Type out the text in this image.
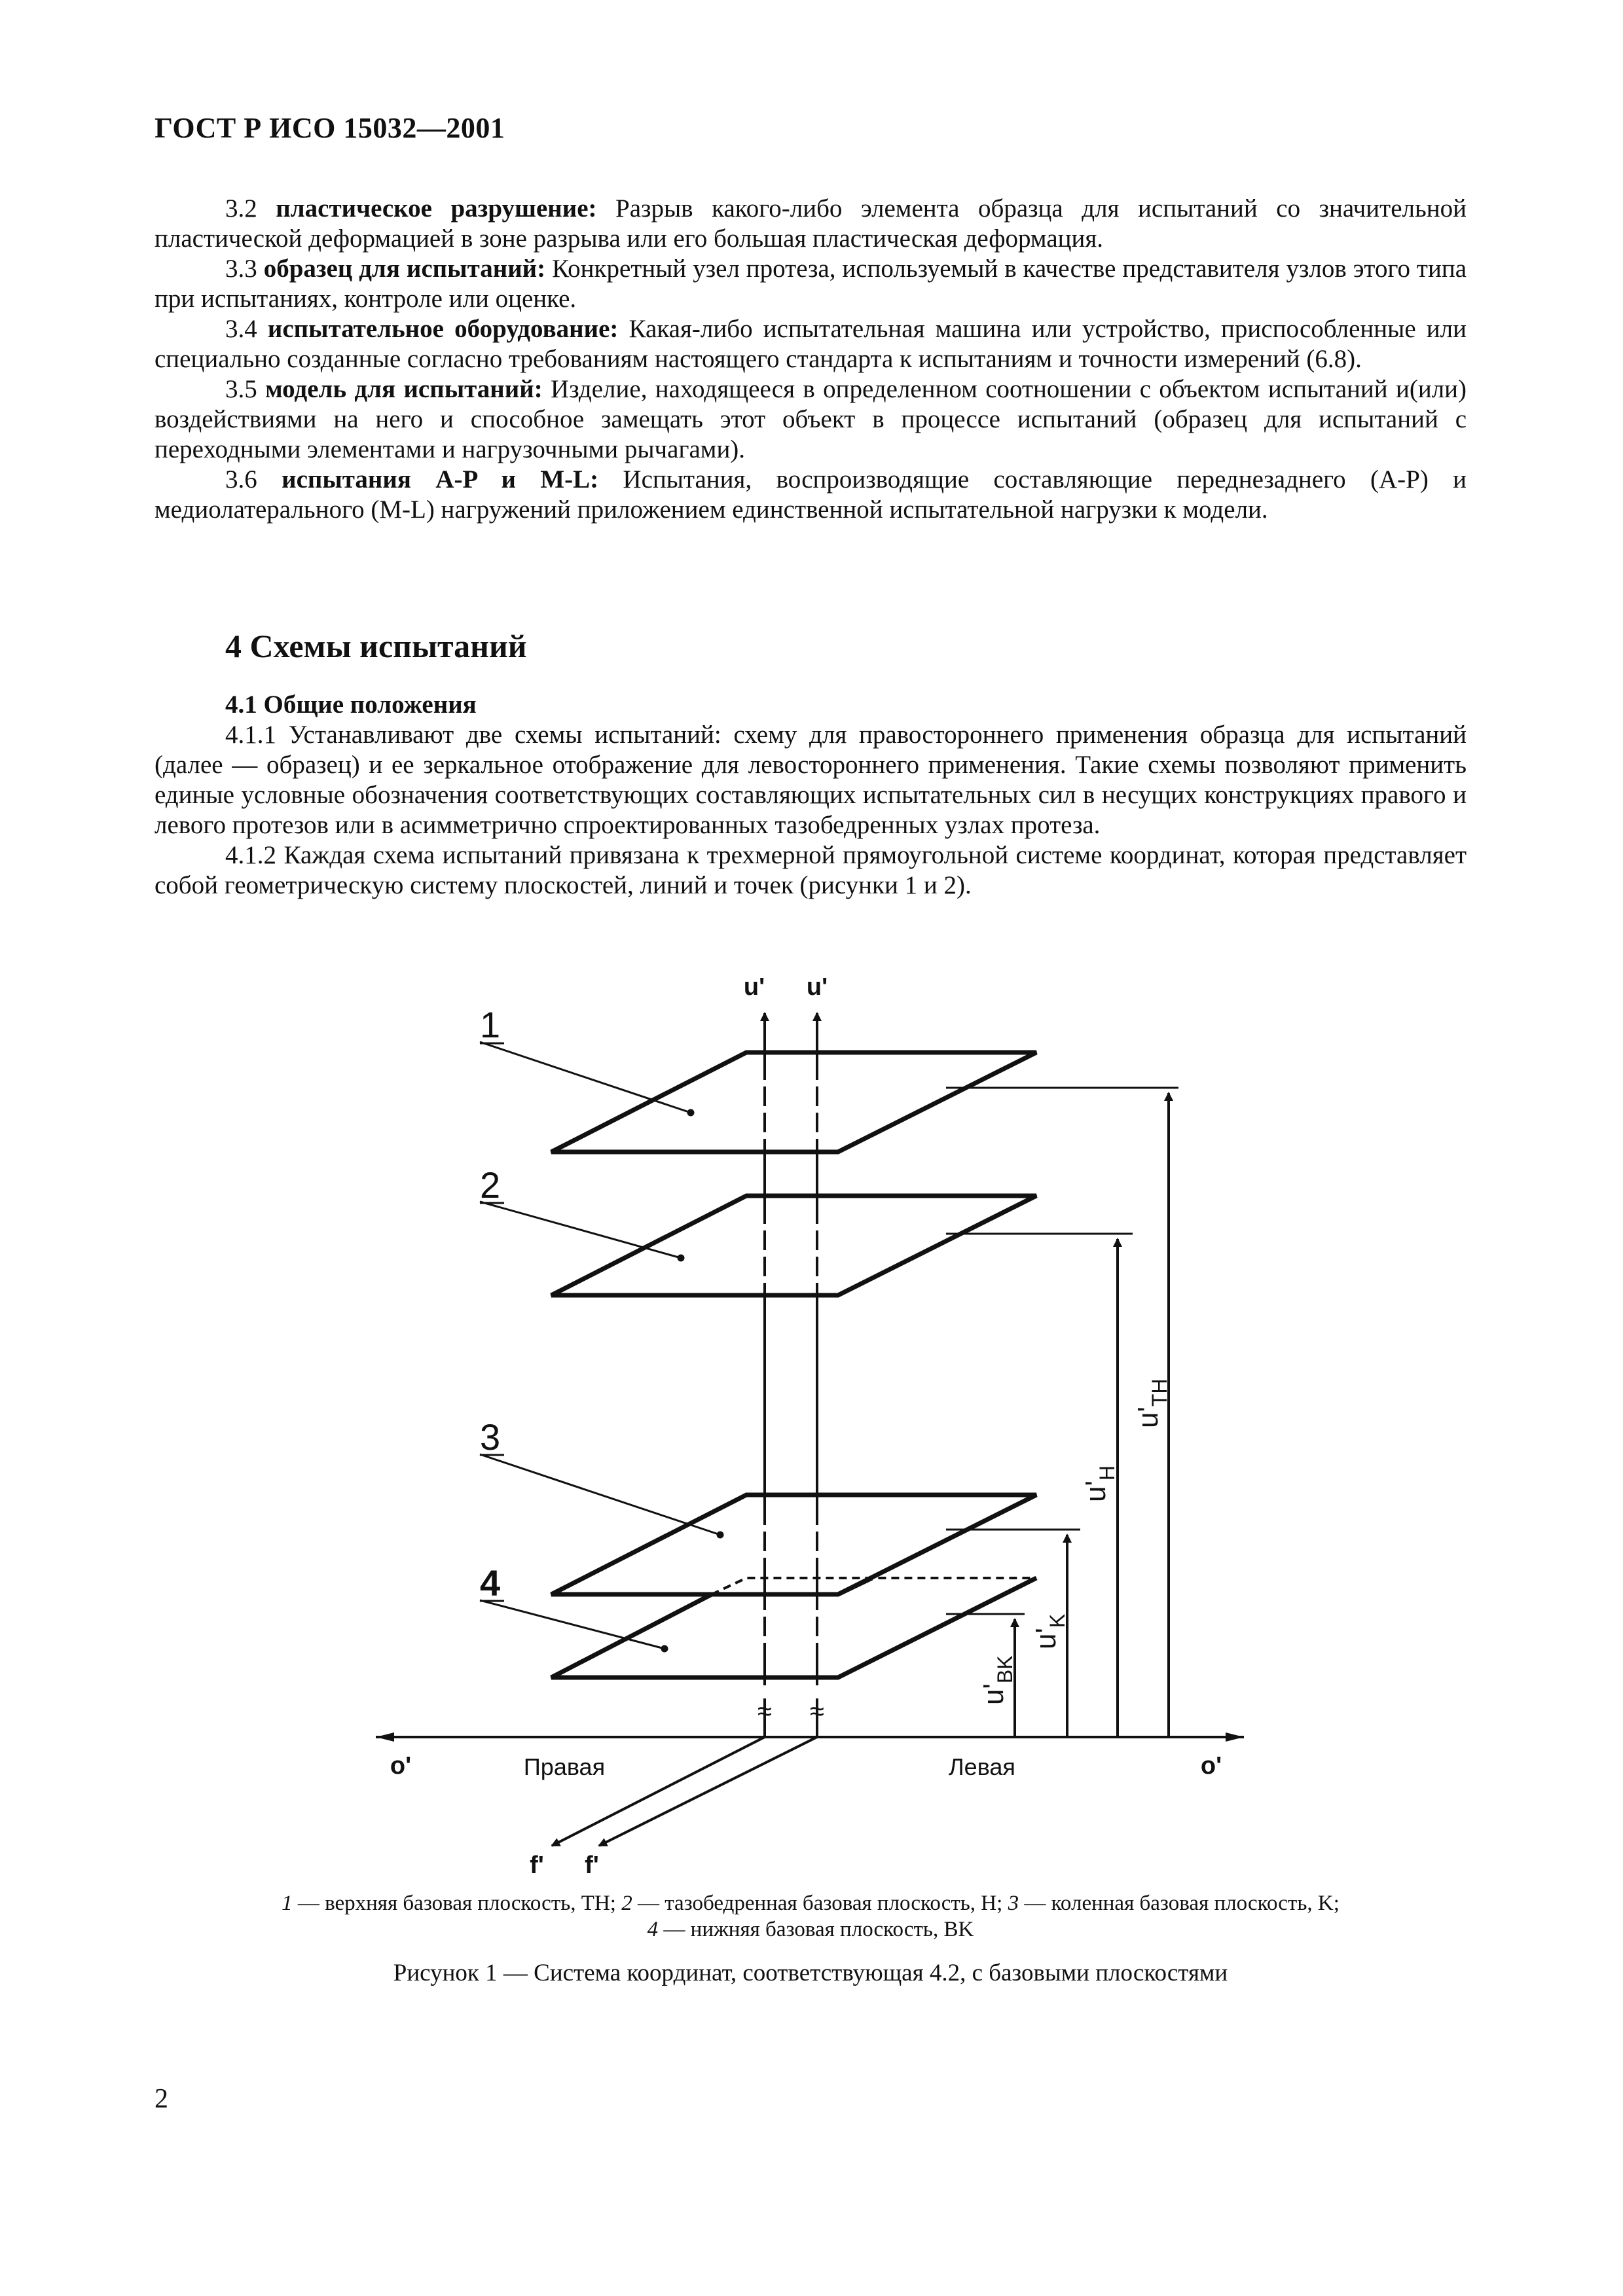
ГОСТ Р ИСО 15032—2001

3.2 пластическое разрушение: Разрыв какого-либо элемента образца для испытаний со значительной пластической деформацией в зоне разрыва или его большая пластическая деформация.

3.3 образец для испытаний: Конкретный узел протеза, используемый в качестве представителя узлов этого типа при испытаниях, контроле или оценке.

3.4 испытательное оборудование: Какая-либо испытательная машина или устройство, приспособленные или специально созданные согласно требованиям настоящего стандарта к испытаниям и точности измерений (6.8).

3.5 модель для испытаний: Изделие, находящееся в определенном соотношении с объектом испытаний и(или) воздействиями на него и способное замещать этот объект в процессе испытаний (образец для испытаний с переходными элементами и нагрузочными рычагами).

3.6 испытания A-P и M-L: Испытания, воспроизводящие составляющие переднезаднего (A-P) и медиолатерального (M-L) нагружений приложением единственной испытательной нагрузки к модели.

4 Схемы испытаний

4.1 Общие положения

4.1.1 Устанавливают две схемы испытаний: схему для правостороннего применения образца для испытаний (далее — образец) и ее зеркальное отображение для левостороннего применения. Такие схемы позволяют применить единые условные обозначения соответствующих составляющих испытательных сил в несущих конструкциях правого и левого протезов или в асимметрично спроектированных тазобедренных узлах протеза.

4.1.2 Каждая схема испытаний привязана к трехмерной прямоугольной системе координат, которая представляет собой геометрическую систему плоскостей, линий и точек (рисунки 1 и 2).

≈ ≈
$u'_{TH}$
$u'_H$
$u'_K$
$u'_{BK}$
1
2
3
4
u' u'
o'	o'
f' f'
Правая	Левая
1 — верхняя базовая плоскость, TH; 2 — тазобедренная базовая плоскость, H; 3 — коленная базовая плоскость, K;
4 — нижняя базовая плоскость, BK
Рисунок 1 — Система координат, соответствующая 4.2, с базовыми плоскостями
2
